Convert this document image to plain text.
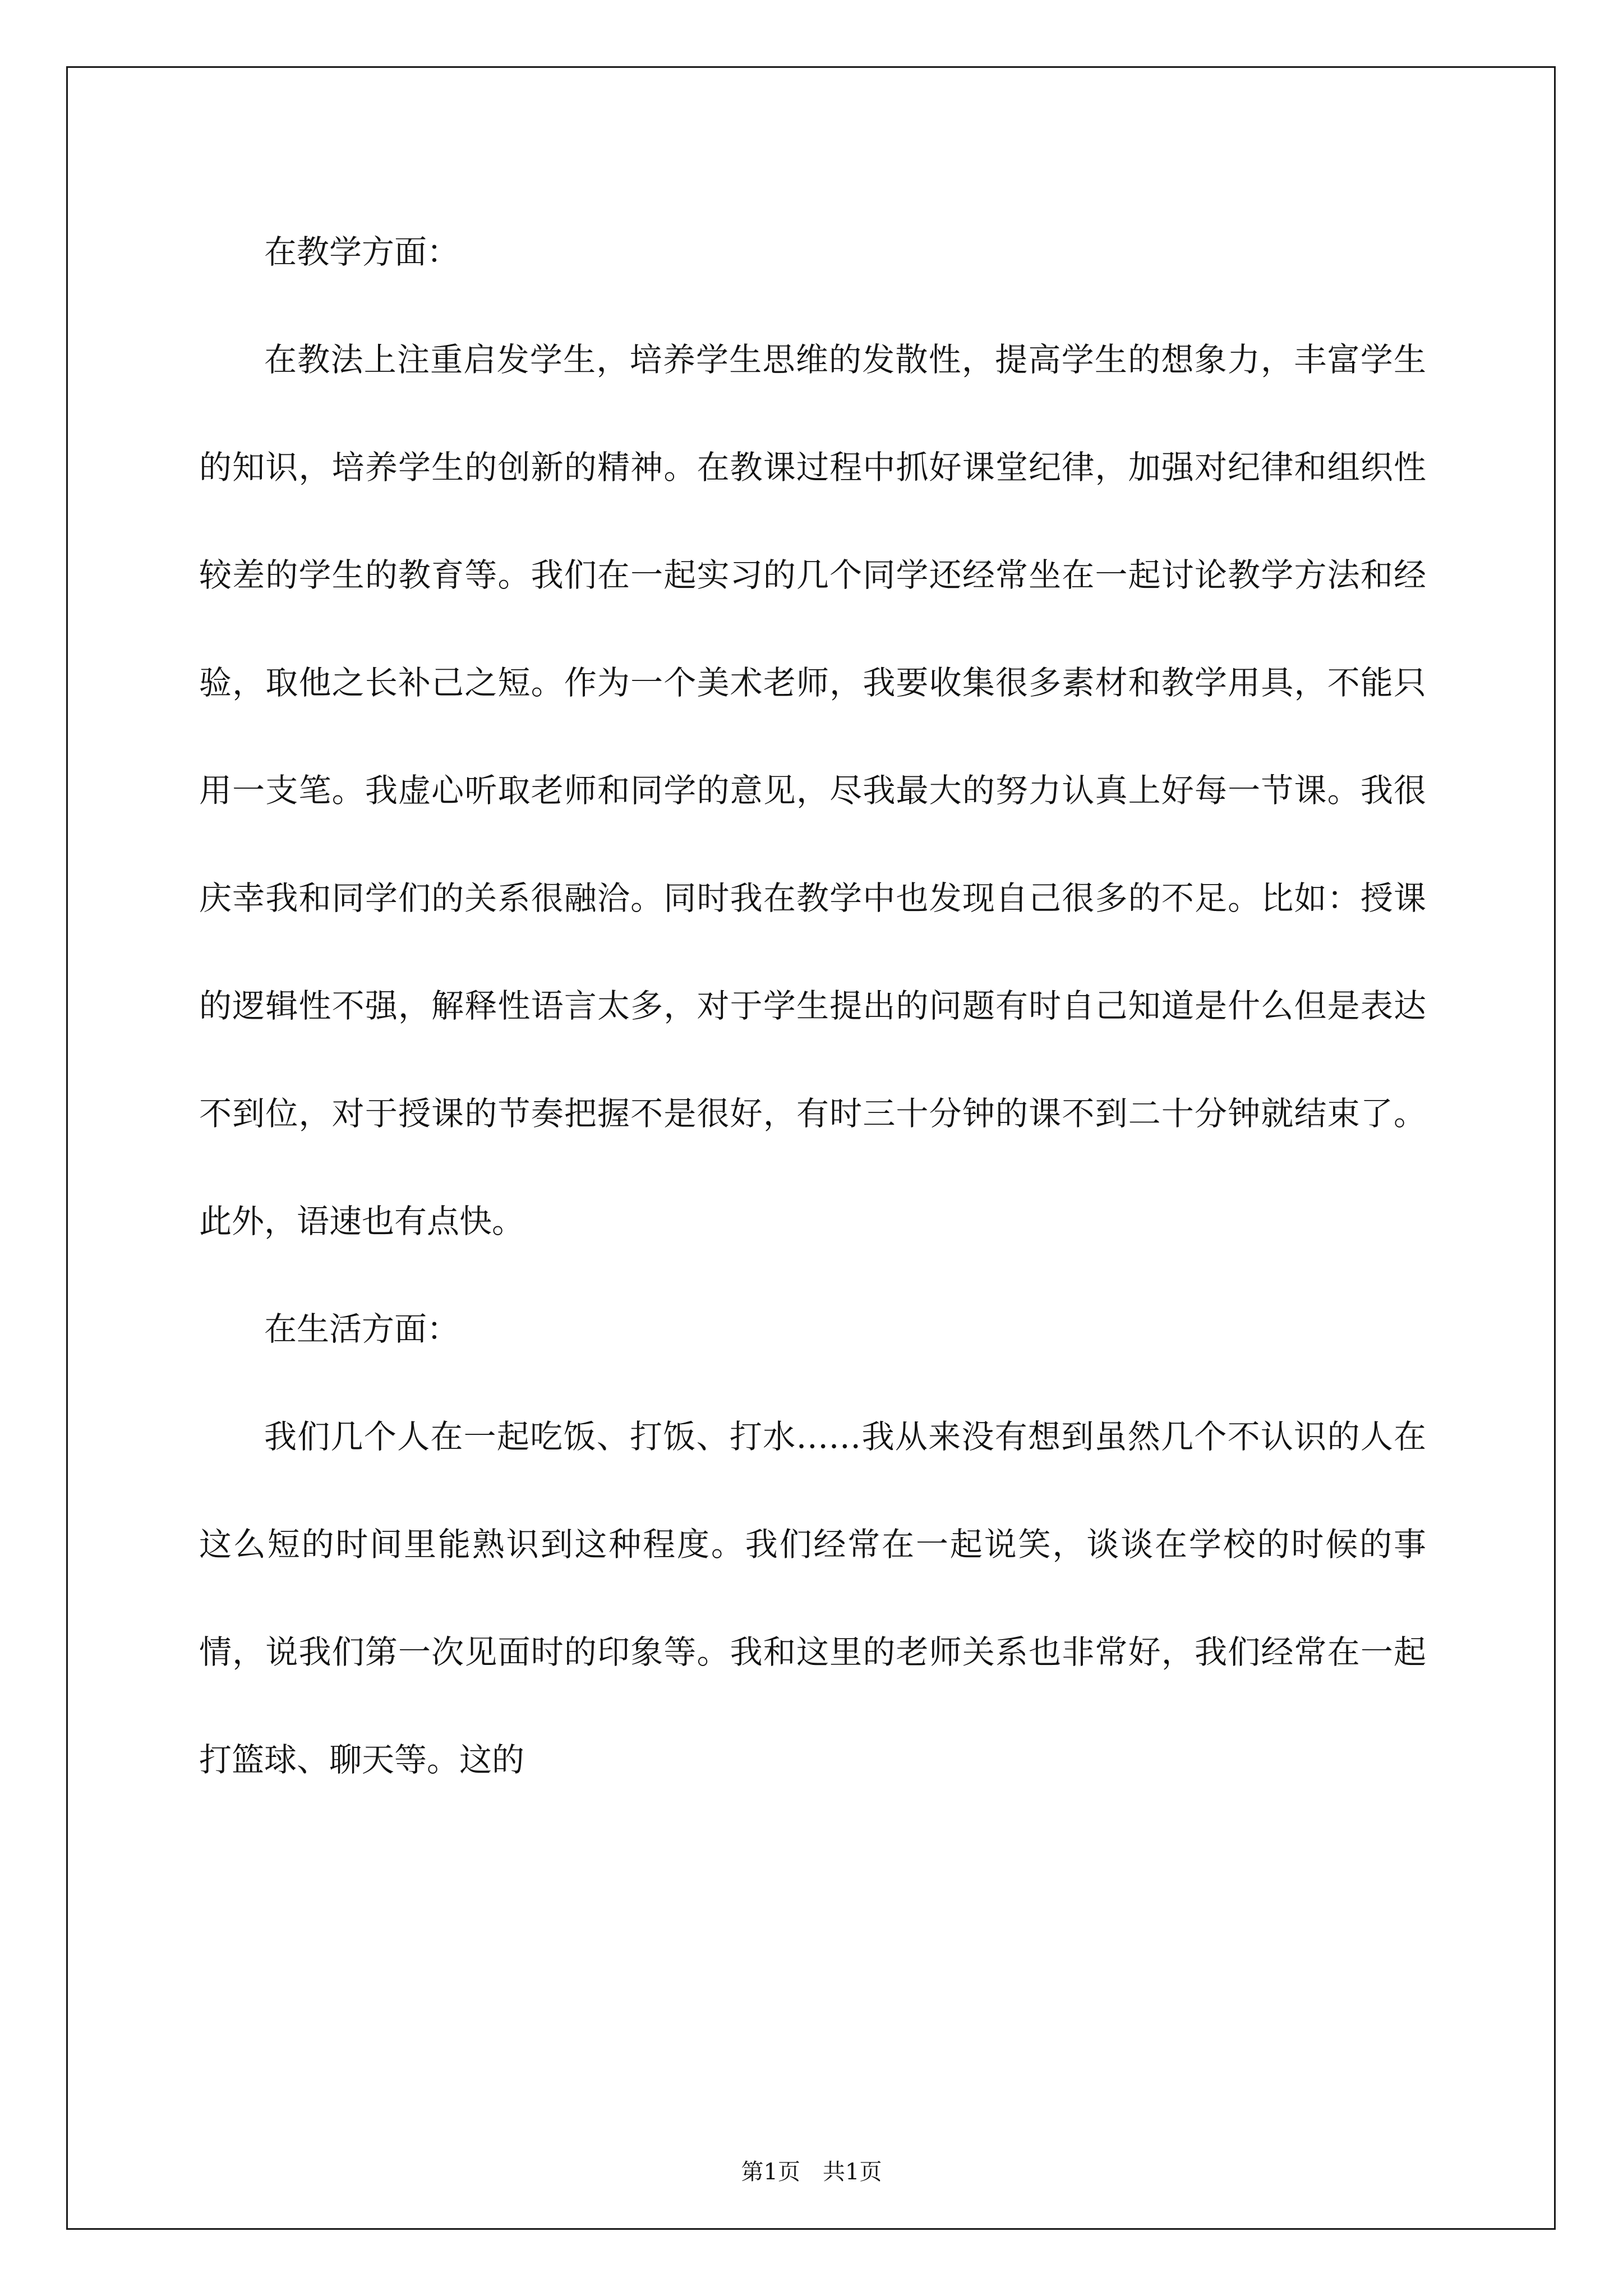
在教学方面：

在教法上注重启发学生，培养学生思维的发散性，提高学生的想象力，丰富学生的知识，培养学生的创新的精神。在教课过程中抓好课堂纪律，加强对纪律和组织性较差的学生的教育等。我们在一起实习的几个同学还经常坐在一起讨论教学方法和经验，取他之长补己之短。作为一个美术老师，我要收集很多素材和教学用具，不能只用一支笔。我虚心听取老师和同学的意见，尽我最大的努力认真上好每一节课。我很庆幸我和同学们的关系很融洽。同时我在教学中也发现自己很多的不足。比如：授课的逻辑性不强，解释性语言太多，对于学生提出的问题有时自己知道是什么但是表达不到位，对于授课的节奏把握不是很好，有时三十分钟的课不到二十分钟就结束了。此外，语速也有点快。

在生活方面：

我们几个人在一起吃饭、打饭、打水……我从来没有想到虽然几个不认识的人在这么短的时间里能熟识到这种程度。我们经常在一起说笑，谈谈在学校的时候的事情，说我们第一次见面时的印象等。我和这里的老师关系也非常好，我们经常在一起打篮球、聊天等。这的

第1页　共1页
